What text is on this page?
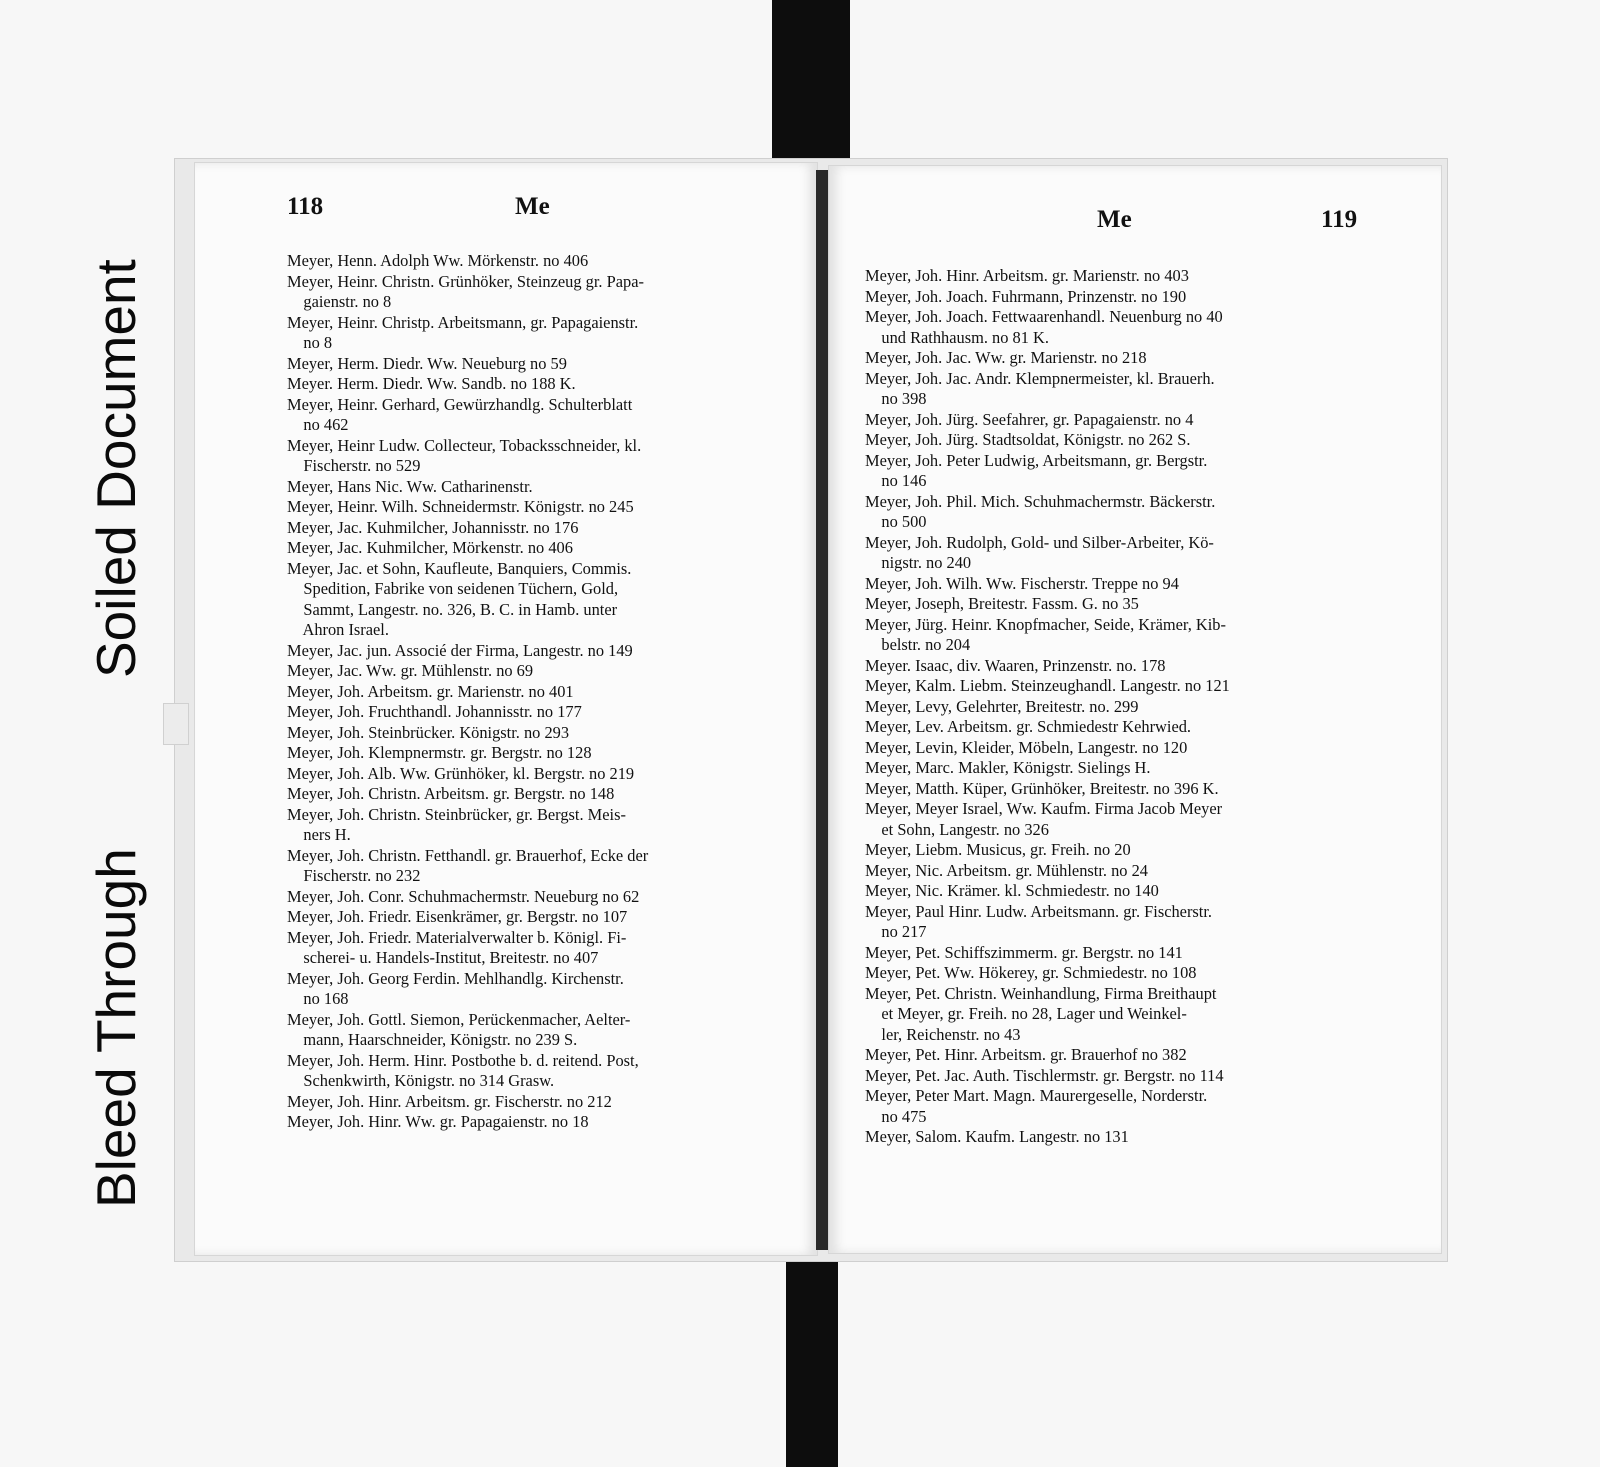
Soiled Document
Bleed Through
118	Me
Meyer, Henn. Adolph Ww. Mörkenstr. no 406
Meyer, Heinr. Christn. Grünhöker, Steinzeug gr. Papa-
gaienstr. no 8
Meyer, Heinr. Christp. Arbeitsmann, gr. Papagaienstr.
no 8
Meyer, Herm. Diedr. Ww. Neueburg no 59
Meyer. Herm. Diedr. Ww. Sandb. no 188 K.
Meyer, Heinr. Gerhard, Gewürzhandlg. Schulterblatt
no 462
Meyer, Heinr Ludw. Collecteur, Tobacksschneider, kl.
Fischerstr. no 529
Meyer, Hans Nic. Ww. Catharinenstr.
Meyer, Heinr. Wilh. Schneidermstr. Königstr. no 245
Meyer, Jac. Kuhmilcher, Johannisstr. no 176
Meyer, Jac. Kuhmilcher, Mörkenstr. no 406
Meyer, Jac. et Sohn, Kaufleute, Banquiers, Commis.
Spedition, Fabrike von seidenen Tüchern, Gold,
Sammt, Langestr. no. 326, B. C. in Hamb. unter
Ahron Israel.
Meyer, Jac. jun. Associé der Firma, Langestr. no 149
Meyer, Jac. Ww. gr. Mühlenstr. no 69
Meyer, Joh. Arbeitsm. gr. Marienstr. no 401
Meyer, Joh. Fruchthandl. Johannisstr. no 177
Meyer, Joh. Steinbrücker. Königstr. no 293
Meyer, Joh. Klempnermstr. gr. Bergstr. no 128
Meyer, Joh. Alb. Ww. Grünhöker, kl. Bergstr. no 219
Meyer, Joh. Christn. Arbeitsm. gr. Bergstr. no 148
Meyer, Joh. Christn. Steinbrücker, gr. Bergst. Meis-
ners H.
Meyer, Joh. Christn. Fetthandl. gr. Brauerhof, Ecke der
Fischerstr. no 232
Meyer, Joh. Conr. Schuhmachermstr. Neueburg no 62
Meyer, Joh. Friedr. Eisenkrämer, gr. Bergstr. no 107
Meyer, Joh. Friedr. Materialverwalter b. Königl. Fi-
scherei- u. Handels-Institut, Breitestr. no 407
Meyer, Joh. Georg Ferdin. Mehlhandlg. Kirchenstr.
no 168
Meyer, Joh. Gottl. Siemon, Perückenmacher, Aelter-
mann, Haarschneider, Königstr. no 239 S.
Meyer, Joh. Herm. Hinr. Postbothe b. d. reitend. Post,
Schenkwirth, Königstr. no 314 Grasw.
Meyer, Joh. Hinr. Arbeitsm. gr. Fischerstr. no 212
Meyer, Joh. Hinr. Ww. gr. Papagaienstr. no 18
Me	119
Meyer, Joh. Hinr. Arbeitsm. gr. Marienstr. no 403
Meyer, Joh. Joach. Fuhrmann, Prinzenstr. no 190
Meyer, Joh. Joach. Fettwaarenhandl. Neuenburg no 40
und Rathhausm. no 81 K.
Meyer, Joh. Jac. Ww. gr. Marienstr. no 218
Meyer, Joh. Jac. Andr. Klempnermeister, kl. Brauerh.
no 398
Meyer, Joh. Jürg. Seefahrer, gr. Papagaienstr. no 4
Meyer, Joh. Jürg. Stadtsoldat, Königstr. no 262 S.
Meyer, Joh. Peter Ludwig, Arbeitsmann, gr. Bergstr.
no 146
Meyer, Joh. Phil. Mich. Schuhmachermstr. Bäckerstr.
no 500
Meyer, Joh. Rudolph, Gold- und Silber-Arbeiter, Kö-
nigstr. no 240
Meyer, Joh. Wilh. Ww. Fischerstr. Treppe no 94
Meyer, Joseph, Breitestr. Fassm. G. no 35
Meyer, Jürg. Heinr. Knopfmacher, Seide, Krämer, Kib-
belstr. no 204
Meyer. Isaac, div. Waaren, Prinzenstr. no. 178
Meyer, Kalm. Liebm. Steinzeughandl. Langestr. no 121
Meyer, Levy, Gelehrter, Breitestr. no. 299
Meyer, Lev. Arbeitsm. gr. Schmiedestr Kehrwied.
Meyer, Levin, Kleider, Möbeln, Langestr. no 120
Meyer, Marc. Makler, Königstr. Sielings H.
Meyer, Matth. Küper, Grünhöker, Breitestr. no 396 K.
Meyer, Meyer Israel, Ww. Kaufm. Firma Jacob Meyer
et Sohn, Langestr. no 326
Meyer, Liebm. Musicus, gr. Freih. no 20
Meyer, Nic. Arbeitsm. gr. Mühlenstr. no 24
Meyer, Nic. Krämer. kl. Schmiedestr. no 140
Meyer, Paul Hinr. Ludw. Arbeitsmann. gr. Fischerstr.
no 217
Meyer, Pet. Schiffszimmerm. gr. Bergstr. no 141
Meyer, Pet. Ww. Hökerey, gr. Schmiedestr. no 108
Meyer, Pet. Christn. Weinhandlung, Firma Breithaupt
et Meyer, gr. Freih. no 28, Lager und Weinkel-
ler, Reichenstr. no 43
Meyer, Pet. Hinr. Arbeitsm. gr. Brauerhof no 382
Meyer, Pet. Jac. Auth. Tischlermstr. gr. Bergstr. no 114
Meyer, Peter Mart. Magn. Maurergeselle, Norderstr.
no 475
Meyer, Salom. Kaufm. Langestr. no 131
